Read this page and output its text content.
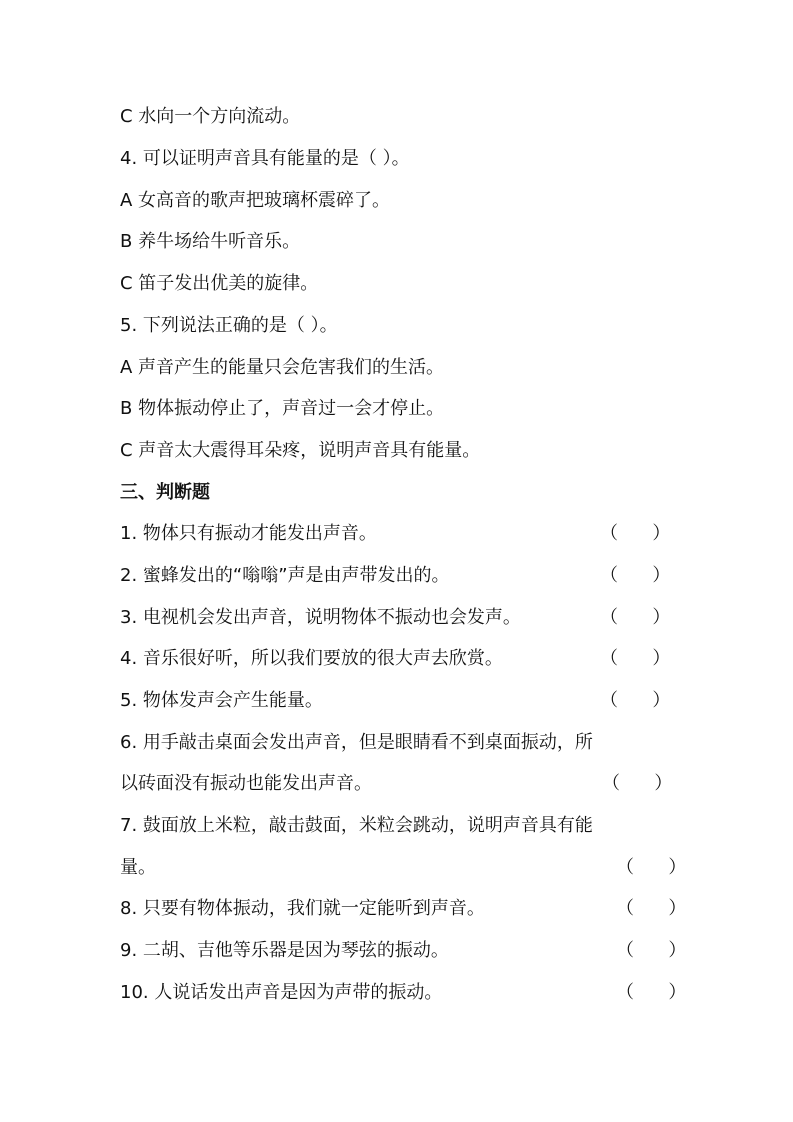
C 水向一个方向流动。
4. 可以证明声音具有能量的是（ ）。
A 女高音的歌声把玻璃杯震碎了。
B 养牛场给牛听音乐。
C 笛子发出优美的旋律。
5. 下列说法正确的是（ ）。
A 声音产生的能量只会危害我们的生活。
B 物体振动停止了，声音过一会才停止。
C 声音太大震得耳朵疼，说明声音具有能量。
三、判断题
1. 物体只有振动才能发出声音。	（      ）
2. 蜜蜂发出的“嗡嗡”声是由声带发出的。	（      ）
3. 电视机会发出声音，说明物体不振动也会发声。	（      ）
4. 音乐很好听，所以我们要放的很大声去欣赏。	（      ）
5. 物体发声会产生能量。	（      ）
6. 用手敲击桌面会发出声音，但是眼睛看不到桌面振动，所
以砖面没有振动也能发出声音。	（      ）
7. 鼓面放上米粒，敲击鼓面，米粒会跳动，说明声音具有能
量。	（      ）
8. 只要有物体振动，我们就一定能听到声音。	（      ）
9. 二胡、吉他等乐器是因为琴弦的振动。	（      ）
10. 人说话发出声音是因为声带的振动。	（      ）
